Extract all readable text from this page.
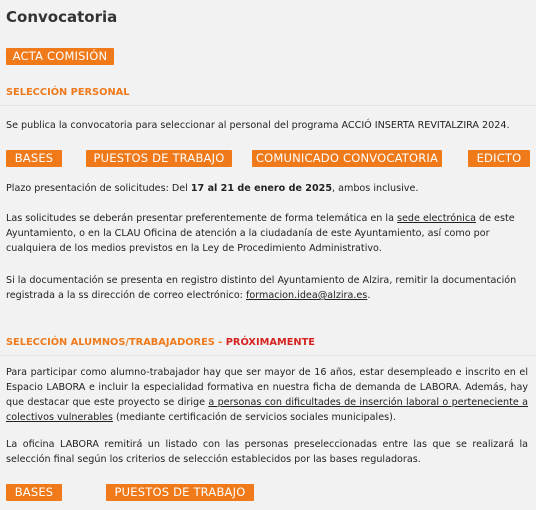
Convocatoria
ACTA COMISIÓN
SELECCIÓN PERSONAL
Se publica la convocatoria para seleccionar al personal del programa ACCIÓ INSERTA REVITALZIRA 2024.
BASES	PUESTOS DE TRABAJO	COMUNICADO CONVOCATORIA	EDICTO
Plazo presentación de solicitudes: Del 17 al 21 de enero de 2025, ambos inclusive.
Las solicitudes se deberán presentar preferentemente de forma telemática en la sede electrónica de este Ayuntamiento, o en la CLAU Oficina de atención a la ciudadanía de este Ayuntamiento, así como por cualquiera de los medios previstos en la Ley de Procedimiento Administrativo.
Si la documentación se presenta en registro distinto del Ayuntamiento de Alzira, remitir la documentación registrada a la ss dirección de correo electrónico: formacion.idea@alzira.es.
SELECCIÓN ALUMNOS/TRABAJADORES - PRÓXIMAMENTE
Para participar como alumno-trabajador hay que ser mayor de 16 años, estar desempleado e inscrito en el Espacio LABORA e incluir la especialidad formativa en nuestra ficha de demanda de LABORA. Además, hay que destacar que este proyecto se dirige a personas con dificultades de inserción laboral o perteneciente a colectivos vulnerables (mediante certificación de servicios sociales municipales).
La oficina LABORA remitirá un listado con las personas preseleccionadas entre las que se realizará la selección final según los criterios de selección establecidos por las bases reguladoras.
BASES	PUESTOS DE TRABAJO
